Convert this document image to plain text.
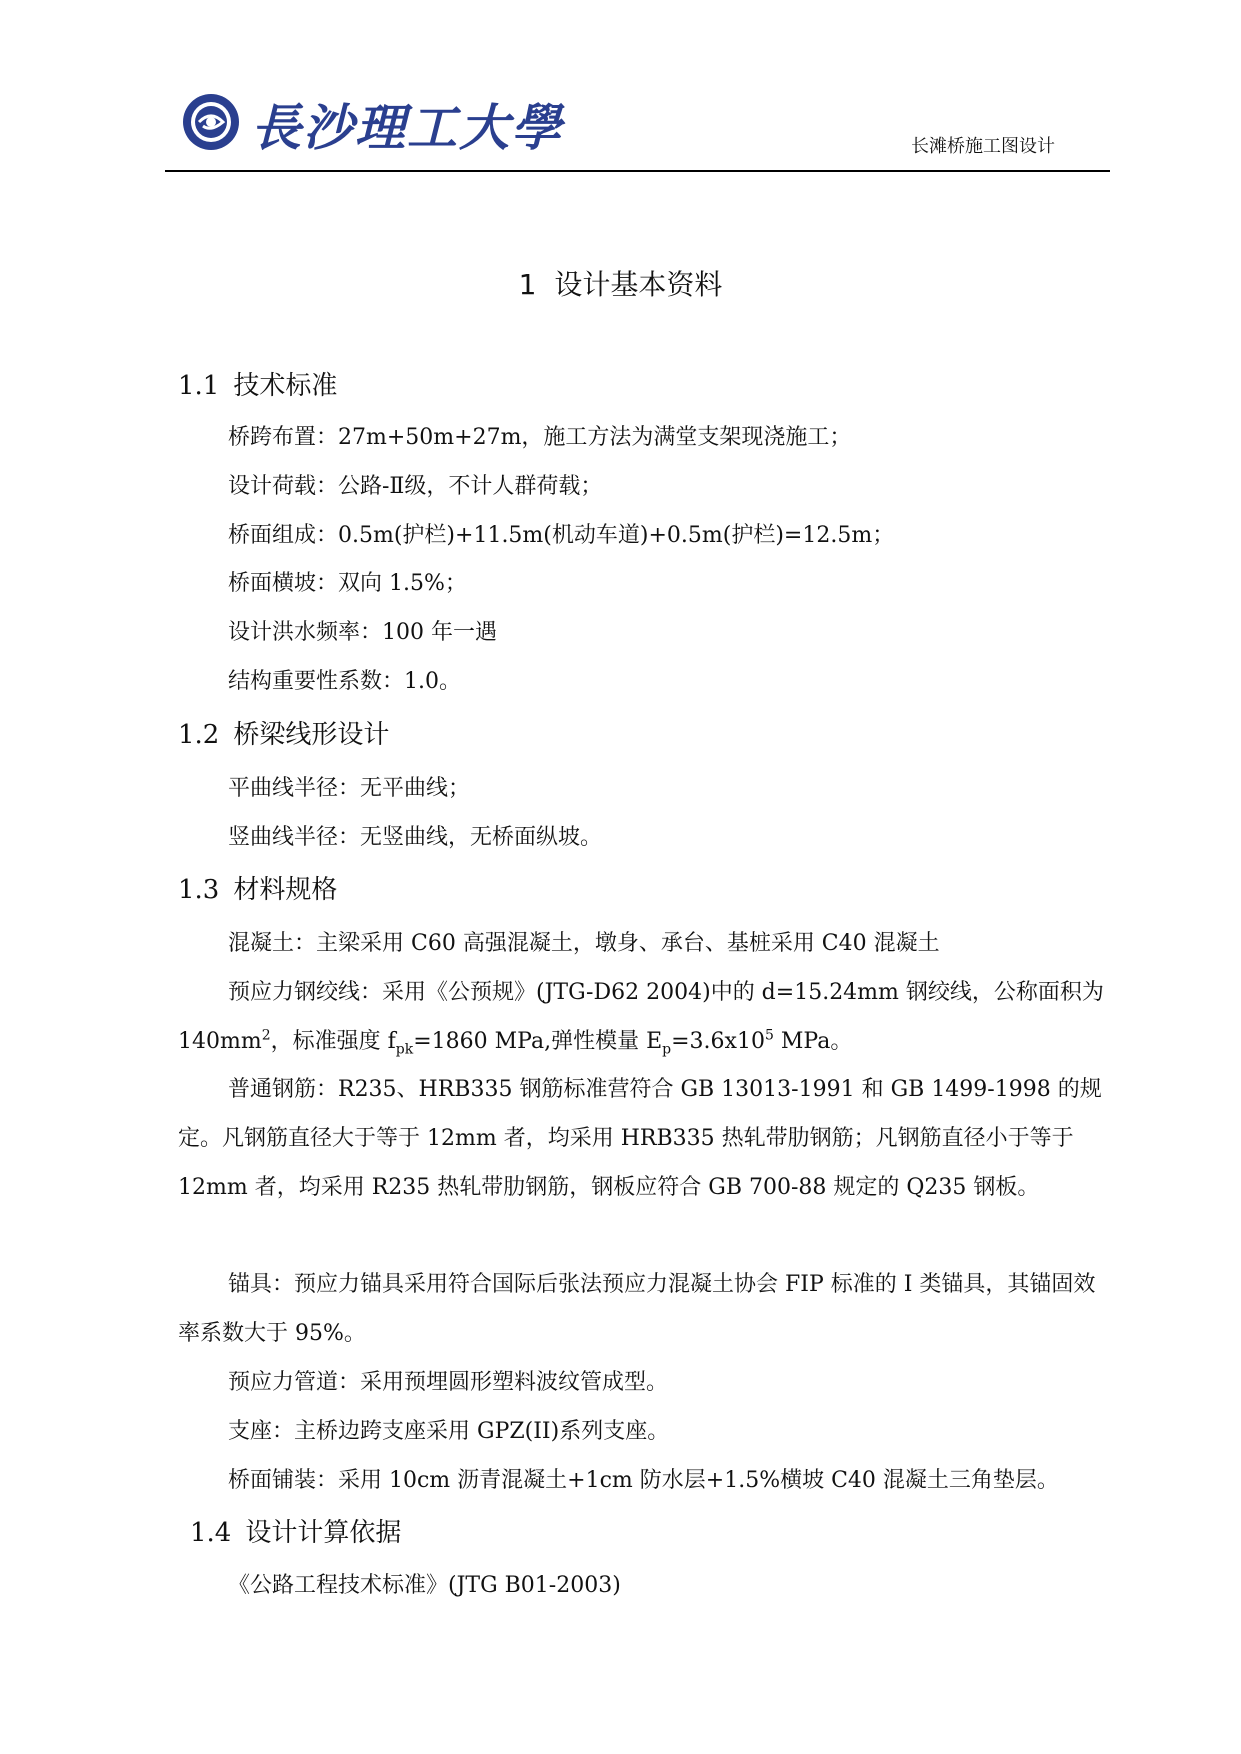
長沙理工大學	长滩桥施工图设计
1 设计基本资料
1.1 技术标准
桥跨布置：27m+50m+27m，施工方法为满堂支架现浇施工；
设计荷载：公路-Ⅱ级，不计人群荷载；
桥面组成：0.5m(护栏)+11.5m(机动车道)+0.5m(护栏)=12.5m；
桥面横坡：双向 1.5%；
设计洪水频率：100 年一遇
结构重要性系数：1.0。
1.2 桥梁线形设计
平曲线半径：无平曲线；
竖曲线半径：无竖曲线，无桥面纵坡。
1.3 材料规格
混凝土：主梁采用 C60 高强混凝土，墩身、承台、基桩采用 C40 混凝土
预应力钢绞线：采用《公预规》(JTG-D62 2004)中的 d=15.24mm 钢绞线，公称面积为 $140mm^2$，标准强度 $f_{pk}=1860$ MPa,弹性模量 $E_p=3.6x10^5$ MPa。
普通钢筋：R235、HRB335 钢筋标准营符合 GB 13013-1991 和 GB 1499-1998 的规定。凡钢筋直径大于等于 12mm 者，均采用 HRB335 热轧带肋钢筋；凡钢筋直径小于等于 12mm 者，均采用 R235 热轧带肋钢筋，钢板应符合 GB 700-88 规定的 Q235 钢板。
锚具：预应力锚具采用符合国际后张法预应力混凝土协会 FIP 标准的 I 类锚具，其锚固效率系数大于 95%。
预应力管道：采用预埋圆形塑料波纹管成型。
支座：主桥边跨支座采用 GPZ(II)系列支座。
桥面铺装：采用 10cm 沥青混凝土+1cm 防水层+1.5%横坡 C40 混凝土三角垫层。
1.4 设计计算依据
《公路工程技术标准》(JTG B01-2003)
